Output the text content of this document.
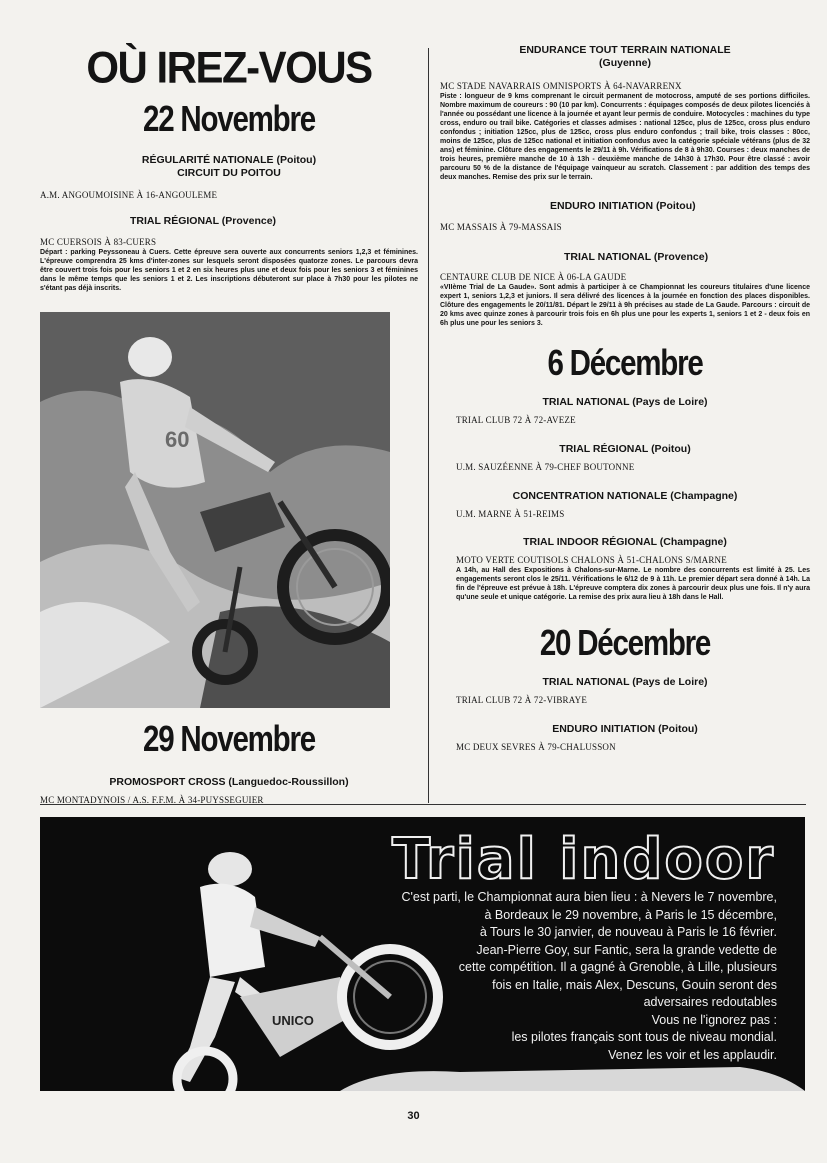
OÙ IREZ-VOUS
22 Novembre

RÉGULARITÉ NATIONALE (Poitou)

CIRCUIT DU POITOU

A.M. ANGOUMOISINE À 16-ANGOULEME

TRIAL RÉGIONAL (Provence)

MC CUERSOIS À 83-CUERS

Départ : parking Peyssoneau à Cuers. Cette épreuve sera ouverte aux concurrents seniors 1,2,3 et féminines. L'épreuve comprendra 25 kms d'inter-zones sur lesquels seront disposées quatorze zones. Le parcours devra être couvert trois fois pour les seniors 1 et 2 en six heures plus une et deux fois pour les seniors 3 et féminines dans le même temps que les seniors 1 et 2. Les inscriptions débuteront sur place à 7h30 pour les pilotes ne s'étant pas déjà inscrits.

60
29 Novembre

PROMOSPORT CROSS (Languedoc-Roussillon)

MC MONTADYNOIS / A.S. F.F.M. À 34-PUYSSEGUIER

ENDURANCE TOUT TERRAIN NATIONALE

(Guyenne)

MC STADE NAVARRAIS OMNISPORTS À 64-NAVARRENX

Piste : longueur de 9 kms comprenant le circuit permanent de motocross, amputé de ses portions difficiles. Nombre maximum de coureurs : 90 (10 par km). Concurrents : équipages composés de deux pilotes licenciés à l'année ou possédant une licence à la journée et ayant leur permis de conduire. Motocycles : machines du type cross, enduro ou trail bike. Catégories et classes admises : national 125cc, plus de 125cc, cross plus enduro confondus ; initiation 125cc, plus de 125cc, cross plus enduro confondus ; trail bike, trois classes : 80cc, moins de 125cc, plus de 125cc national et initiation confondus avec la catégorie spéciale vétérans (plus de 32 ans) et féminine. Clôture des engagements le 29/11 à 9h. Vérifications de 8 à 9h30. Courses : deux manches de trois heures, première manche de 10 à 13h - deuxième manche de 14h30 à 17h30. Pour être classé : avoir parcouru 50 % de la distance de l'équipage vainqueur au scratch. Classement : par addition des temps des deux manches. Remise des prix sur le terrain.

ENDURO INITIATION (Poitou)

MC MASSAIS À 79-MASSAIS

TRIAL NATIONAL (Provence)

CENTAURE CLUB DE NICE À 06-LA GAUDE

«VIIème Trial de La Gaude». Sont admis à participer à ce Championnat les coureurs titulaires d'une licence expert 1, seniors 1,2,3 et juniors. Il sera délivré des licences à la journée en fonction des places disponibles. Clôture des engagements le 20/11/81. Départ le 29/11 à 9h précises au stade de La Gaude. Parcours : circuit de 20 kms avec quinze zones à parcourir trois fois en 6h plus une pour les experts 1, seniors 1 et 2 - deux fois en 6h plus une pour les seniors 3.

6 Décembre

TRIAL NATIONAL (Pays de Loire)

TRIAL CLUB 72 À 72-AVEZE

TRIAL RÉGIONAL (Poitou)

U.M. SAUZÉENNE À 79-CHEF BOUTONNE

CONCENTRATION NATIONALE (Champagne)

U.M. MARNE À 51-REIMS

TRIAL INDOOR RÉGIONAL (Champagne)

MOTO VERTE COUTISOLS CHALONS À 51-CHALONS S/MARNE

A 14h, au Hall des Expositions à Chalons-sur-Marne. Le nombre des concurrents est limité à 25. Les engagements seront clos le 25/11. Vérifications le 6/12 de 9 à 11h. Le premier départ sera donné à 14h. La fin de l'épreuve est prévue à 18h. L'épreuve comptera dix zones à parcourir deux plus une fois. Il n'y aura qu'une seule et unique catégorie. La remise des prix aura lieu à 18h dans le Hall.

20 Décembre

TRIAL NATIONAL (Pays de Loire)

TRIAL CLUB 72 À 72-VIBRAYE

ENDURO INITIATION (Poitou)

MC DEUX SEVRES À 79-CHALUSSON

UNICO
Trial indoor
C'est parti, le Championnat aura bien lieu : à Nevers le 7 novembre,
à Bordeaux le 29 novembre, à Paris le 15 décembre,
à Tours le 30 janvier, de nouveau à Paris le 16 février.
Jean-Pierre Goy, sur Fantic, sera la grande vedette de
cette compétition. Il a gagné à Grenoble, à Lille, plusieurs
fois en Italie, mais Alex, Descuns, Gouin seront des
adversaires redoutables
Vous ne l'ignorez pas :
les pilotes français sont tous de niveau mondial.
Venez les voir et les applaudir.
30
